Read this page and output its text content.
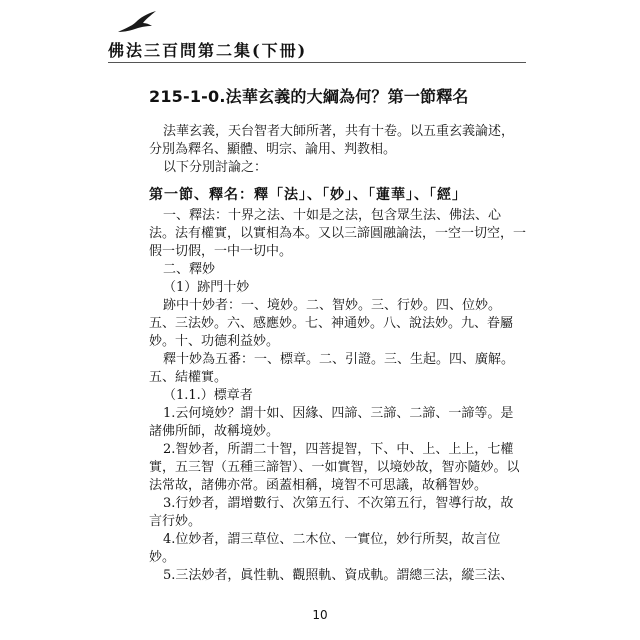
佛法三百問第二集(下冊)
215-1-0.法華玄義的大綱為何？第一節釋名
法華玄義，天台智者大師所著，共有十卷。以五重玄義論述，
分別為釋名、顯體、明宗、論用、判教相。
以下分別討論之：
第一節、釋名：釋「法」、「妙」、「蓮華」、「經」
一、釋法：十界之法、十如是之法，包含眾生法、佛法、心
法。法有權實，以實相為本。又以三諦圓融論法，一空一切空，一
假一切假，一中一切中。
二、釋妙
（1）跡門十妙
跡中十妙者：一、境妙。二、智妙。三、行妙。四、位妙。
五、三法妙。六、感應妙。七、神通妙。八、說法妙。九、眷屬
妙。十、功德利益妙。
釋十妙為五番：一、標章。二、引證。三、生起。四、廣解。
五、結權實。
（1.1.）標章者
1.云何境妙？謂十如、因緣、四諦、三諦、二諦、一諦等。是
諸佛所師，故稱境妙。
2.智妙者，所謂二十智，四菩提智，下、中、上、上上，七權
實，五三智（五種三諦智）、一如實智，以境妙故，智亦隨妙。以
法常故，諸佛亦常。函蓋相稱，境智不可思議，故稱智妙。
3.行妙者，謂增數行、次第五行、不次第五行，智導行故，故
言行妙。
4.位妙者，謂三草位、二木位、一實位，妙行所契，故言位
妙。
5.三法妙者，眞性軌、觀照軌、資成軌。謂總三法，縱三法、
10
